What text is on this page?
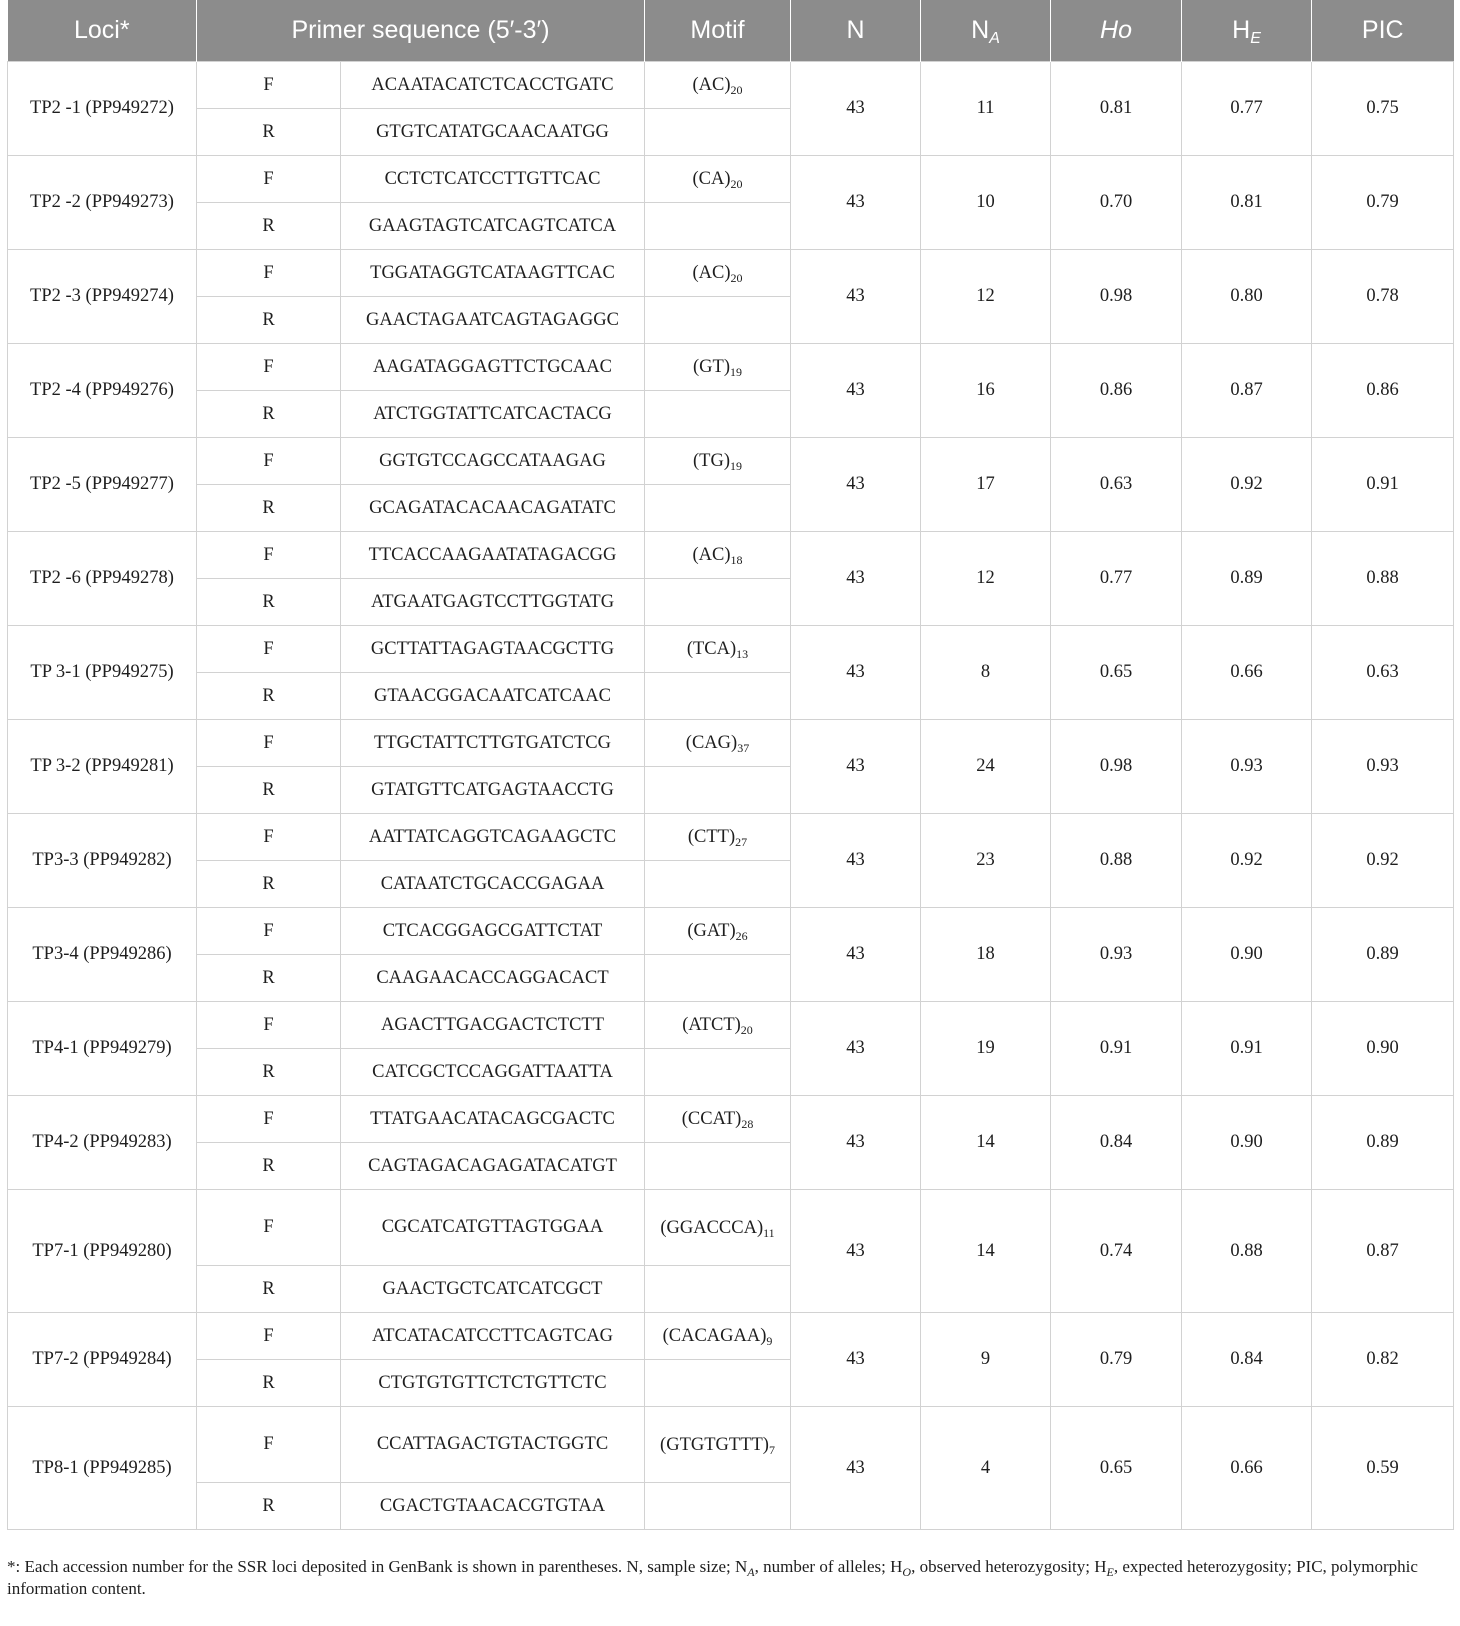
Loci*	Primer sequence (5′-3′)		Motif	N	$N_A$	Ho	$H_E$	PIC
TP2 -1 (PP949272)	F	ACAATACATCTCACCTGATC	$(AC)_{20}$	43	11	0.81	0.77	0.75
	R	GTGTCATATGCAACAATGG						
TP2 -2 (PP949273)	F	CCTCTCATCCTTGTTCAC	$(CA)_{20}$	43	10	0.70	0.81	0.79
	R	GAAGTAGTCATCAGTCATCA						
TP2 -3 (PP949274)	F	TGGATAGGTCATAAGTTCAC	$(AC)_{20}$	43	12	0.98	0.80	0.78
	R	GAACTAGAATCAGTAGAGGC						
TP2 -4 (PP949276)	F	AAGATAGGAGTTCTGCAAC	$(GT)_{19}$	43	16	0.86	0.87	0.86
	R	ATCTGGTATTCATCACTACG						
TP2 -5 (PP949277)	F	GGTGTCCAGCCATAAGAG	$(TG)_{19}$	43	17	0.63	0.92	0.91
	R	GCAGATACACAACAGATATC						
TP2 -6 (PP949278)	F	TTCACCAAGAATATAGACGG	$(AC)_{18}$	43	12	0.77	0.89	0.88
	R	ATGAATGAGTCCTTGGTATG						
TP 3-1 (PP949275)	F	GCTTATTAGAGTAACGCTTG	$(TCA)_{13}$	43	8	0.65	0.66	0.63
	R	GTAACGGACAATCATCAAC						
TP 3-2 (PP949281)	F	TTGCTATTCTTGTGATCTCG	$(CAG)_{37}$	43	24	0.98	0.93	0.93
	R	GTATGTTCATGAGTAACCTG						
TP3-3 (PP949282)	F	AATTATCAGGTCAGAAGCTC	$(CTT)_{27}$	43	23	0.88	0.92	0.92
	R	CATAATCTGCACCGAGAA						
TP3-4 (PP949286)	F	CTCACGGAGCGATTCTAT	$(GAT)_{26}$	43	18	0.93	0.90	0.89
	R	CAAGAACACCAGGACACT						
TP4-1 (PP949279)	F	AGACTTGACGACTCTCTT	$(ATCT)_{20}$	43	19	0.91	0.91	0.90
	R	CATCGCTCCAGGATTAATTA						
TP4-2 (PP949283)	F	TTATGAACATACAGCGACTC	$(CCAT)_{28}$	43	14	0.84	0.90	0.89
	R	CAGTAGACAGAGATACATGT						
TP7-1 (PP949280)	F	CGCATCATGTTAGTGGAA	$(GGACCCA)_{11}$	43	14	0.74	0.88	0.87
	R	GAACTGCTCATCATCGCT						
TP7-2 (PP949284)	F	ATCATACATCCTTCAGTCAG	$(CACAGAA)_9$	43	9	0.79	0.84	0.82
	R	CTGTGTGTTCTCTGTTCTC						
TP8-1 (PP949285)	F	CCATTAGACTGTACTGGTC	$(GTGTGTTT)_7$	43	4	0.65	0.66	0.59
	R	CGACTGTAACACGTGTAA						
*: Each accession number for the SSR loci deposited in GenBank is shown in parentheses. N, sample size; $N_A$, number of alleles; $H_O$, observed heterozygosity; $H_E$, expected heterozygosity; PIC, polymorphic information content.
